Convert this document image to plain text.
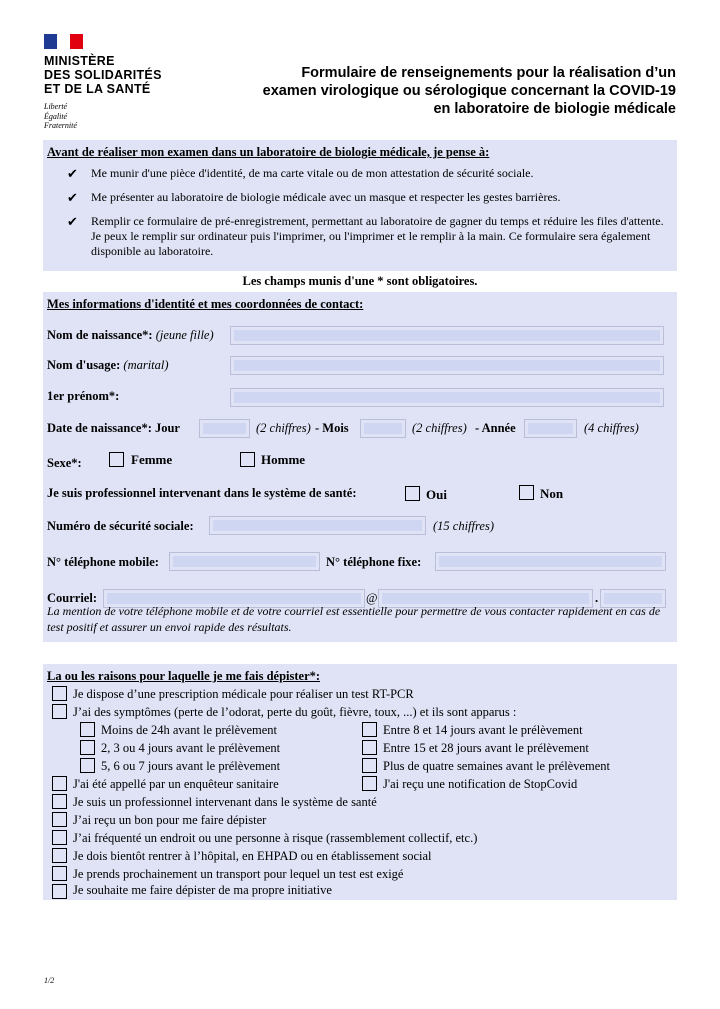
MINISTÈRE
DES SOLIDARITÉS
ET DE LA SANTÉ
Liberté
Égalité
Fraternité
Formulaire de renseignements pour la réalisation d’un
examen virologique ou sérologique concernant la COVID-19
en laboratoire de biologie médicale
Avant de réaliser mon examen dans un laboratoire de biologie médicale, je pense à:
✔ Me munir d'une pièce d'identité, de ma carte vitale ou de mon attestation de sécurité sociale.
✔ Me présenter au laboratoire de biologie médicale avec un masque et respecter les gestes barrières.
✔ Remplir ce formulaire de pré-enregistrement, permettant au laboratoire de gagner du temps et réduire les files d'attente. Je peux le remplir sur ordinateur puis l'imprimer, ou l'imprimer et le remplir à la main. Ce formulaire sera également disponible au laboratoire.
Les champs munis d'une * sont obligatoires.
Mes informations d'identité et mes coordonnées de contact:
Nom de naissance*: (jeune fille)
Nom d'usage: (marital)
1er prénom*:
Date de naissance*: Jour	(2 chiffres) - Mois	(2 chiffres) - Année	(4 chiffres)
Sexe*:	Femme	Homme
Je suis professionnel intervenant dans le système de santé:	Oui	Non
Numéro de sécurité sociale:	(15 chiffres)
N° téléphone mobile:	N° téléphone fixe:
Courriel:	@	.
La mention de votre téléphone mobile et de votre courriel est essentielle pour permettre de vous contacter rapidement en cas de test positif et assurer un envoi rapide des résultats.
La ou les raisons pour laquelle je me fais dépister*:
Je dispose d’une prescription médicale pour réaliser un test RT-PCR
J’ai des symptômes (perte de l’odorat, perte du goût, fièvre, toux, ...) et ils sont apparus :
Moins de 24h avant le prélèvement	Entre 8 et 14 jours avant le prélèvement
2, 3 ou 4 jours avant le prélèvement	Entre 15 et 28 jours avant le prélèvement
5, 6 ou 7 jours avant le prélèvement	Plus de quatre semaines avant le prélèvement
J'ai été appellé par un enquêteur sanitaire	J'ai reçu une notification de StopCovid
Je suis un professionnel intervenant dans le système de santé
J’ai reçu un bon pour me faire dépister
J’ai fréquenté un endroit ou une personne à risque (rassemblement collectif, etc.)
Je dois bientôt rentrer à l’hôpital, en EHPAD ou en établissement social
Je prends prochainement un transport pour lequel un test est exigé
Je souhaite me faire dépister de ma propre initiative
1/2
